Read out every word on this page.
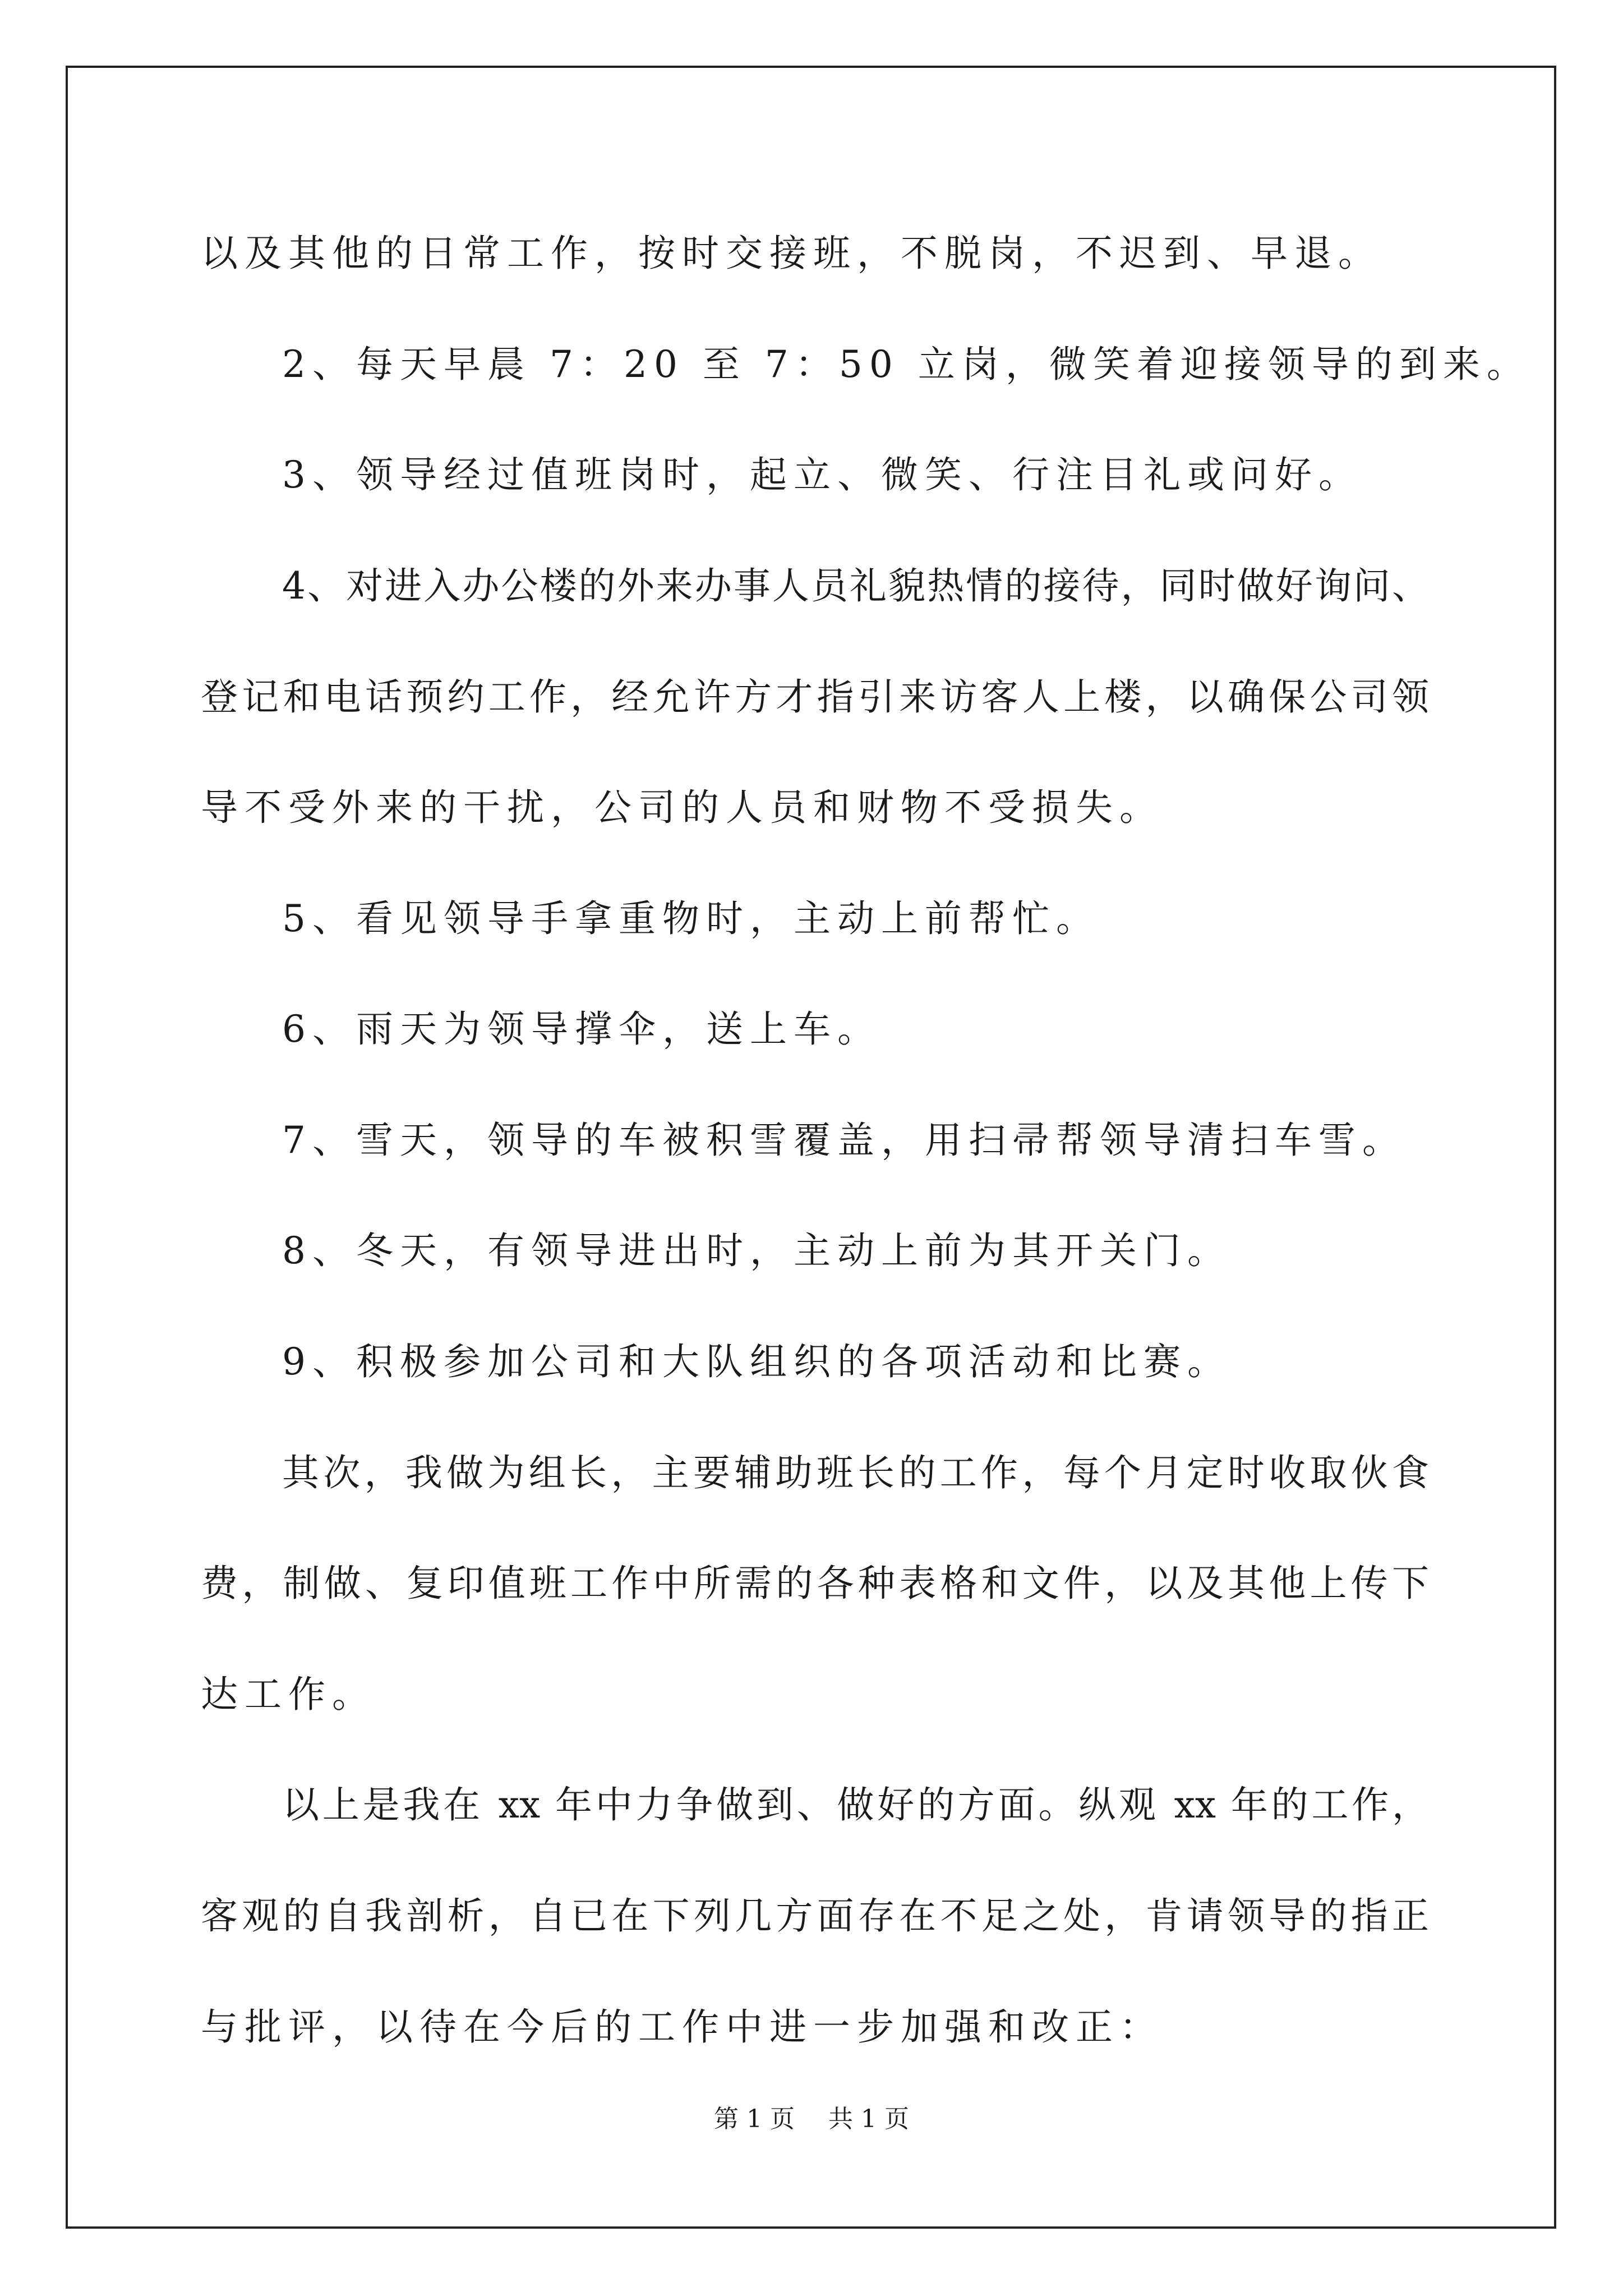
以及其他的日常工作，按时交接班，不脱岗，不迟到、早退。
2、每天早晨 7：20 至 7：50 立岗，微笑着迎接领导的到来。
3、领导经过值班岗时，起立、微笑、行注目礼或问好。
4、对进入办公楼的外来办事人员礼貌热情的接待，同时做好询问、
登记和电话预约工作，经允许方才指引来访客人上楼，以确保公司领
导不受外来的干扰，公司的人员和财物不受损失。
5、看见领导手拿重物时，主动上前帮忙。
6、雨天为领导撑伞，送上车。
7、雪天，领导的车被积雪覆盖，用扫帚帮领导清扫车雪。
8、冬天，有领导进出时，主动上前为其开关门。
9、积极参加公司和大队组织的各项活动和比赛。
其次，我做为组长，主要辅助班长的工作，每个月定时收取伙食
费，制做、复印值班工作中所需的各种表格和文件，以及其他上传下
达工作。
以上是我在 xx 年中力争做到、做好的方面。纵观 xx 年的工作，
客观的自我剖析，自已在下列几方面存在不足之处，肯请领导的指正
与批评，以待在今后的工作中进一步加强和改正：
第 1 页 共 1 页
